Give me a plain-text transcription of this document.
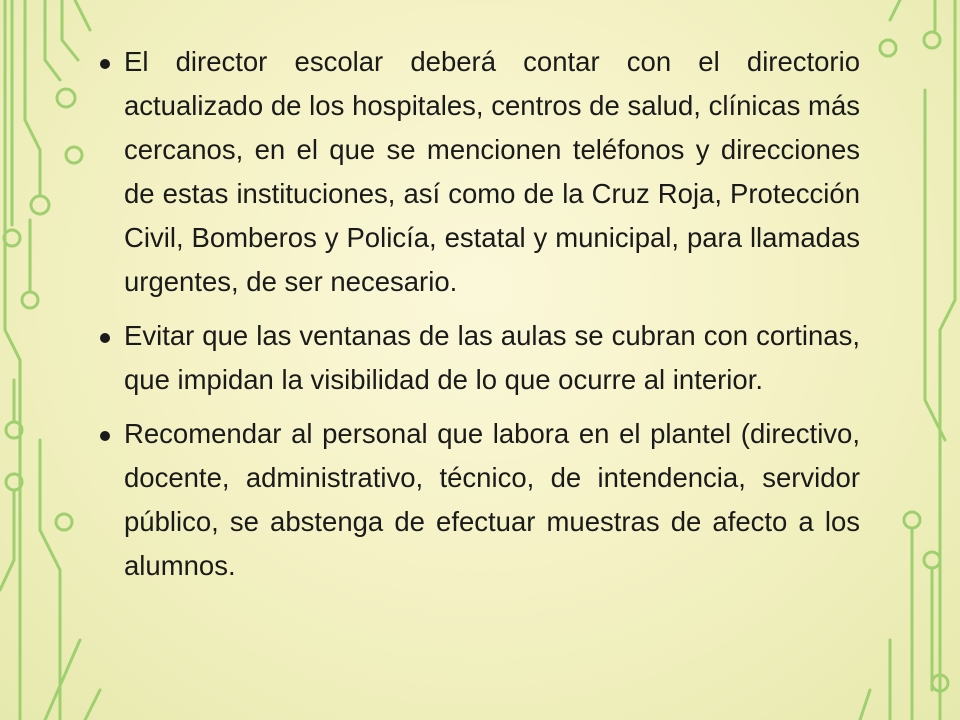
El director escolar deberá contar con el directorio actualizado de los hospitales, centros de salud, clínicas más cercanos, en el que se mencionen teléfonos y direcciones de estas instituciones, así como de la Cruz Roja, Protección Civil, Bomberos y Policía, estatal y municipal, para llamadas urgentes, de ser necesario.
Evitar que las ventanas de las aulas se cubran con cortinas, que impidan la visibilidad de lo que ocurre al interior.
Recomendar al personal que labora en el plantel (directivo, docente, administrativo, técnico, de intendencia, servidor público, se abstenga de efectuar muestras de afecto a los alumnos.
